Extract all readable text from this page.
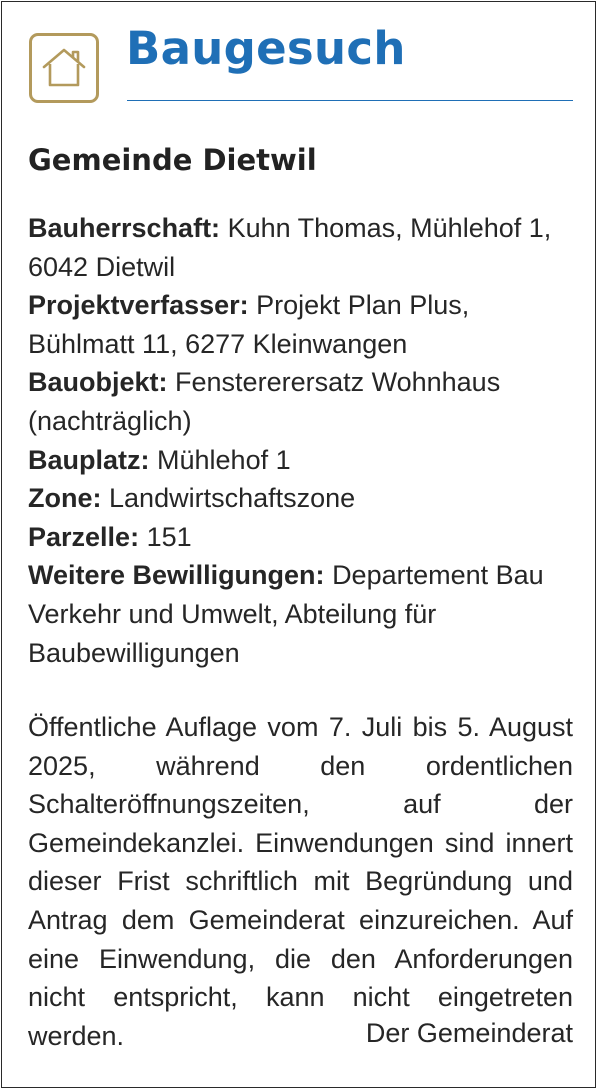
Baugesuch
Gemeinde Dietwil

Bauherrschaft: Kuhn Thomas, Mühlehof 1, 6042 Dietwil

Projektverfasser: Projekt Plan Plus, Bühlmatt 11, 6277 Kleinwangen

Bauobjekt: Fenstererersatz Wohnhaus (nachträglich)

Bauplatz: Mühlehof 1

Zone: Landwirtschaftszone

Parzelle: 151

Weitere Bewilligungen: Departement Bau Verkehr und Umwelt, Abteilung für Baubewilligungen

Öffentliche Auflage vom 7. Juli bis 5. August 2025, während den ordentlichen Schalteröffnungszeiten, auf der Gemeindekanzlei. Einwendungen sind innert dieser Frist schriftlich mit Begründung und Antrag dem Gemeinderat einzureichen. Auf eine Einwendung, die den Anforderungen nicht entspricht, kann nicht eingetreten werden.	Der Gemeinderat
